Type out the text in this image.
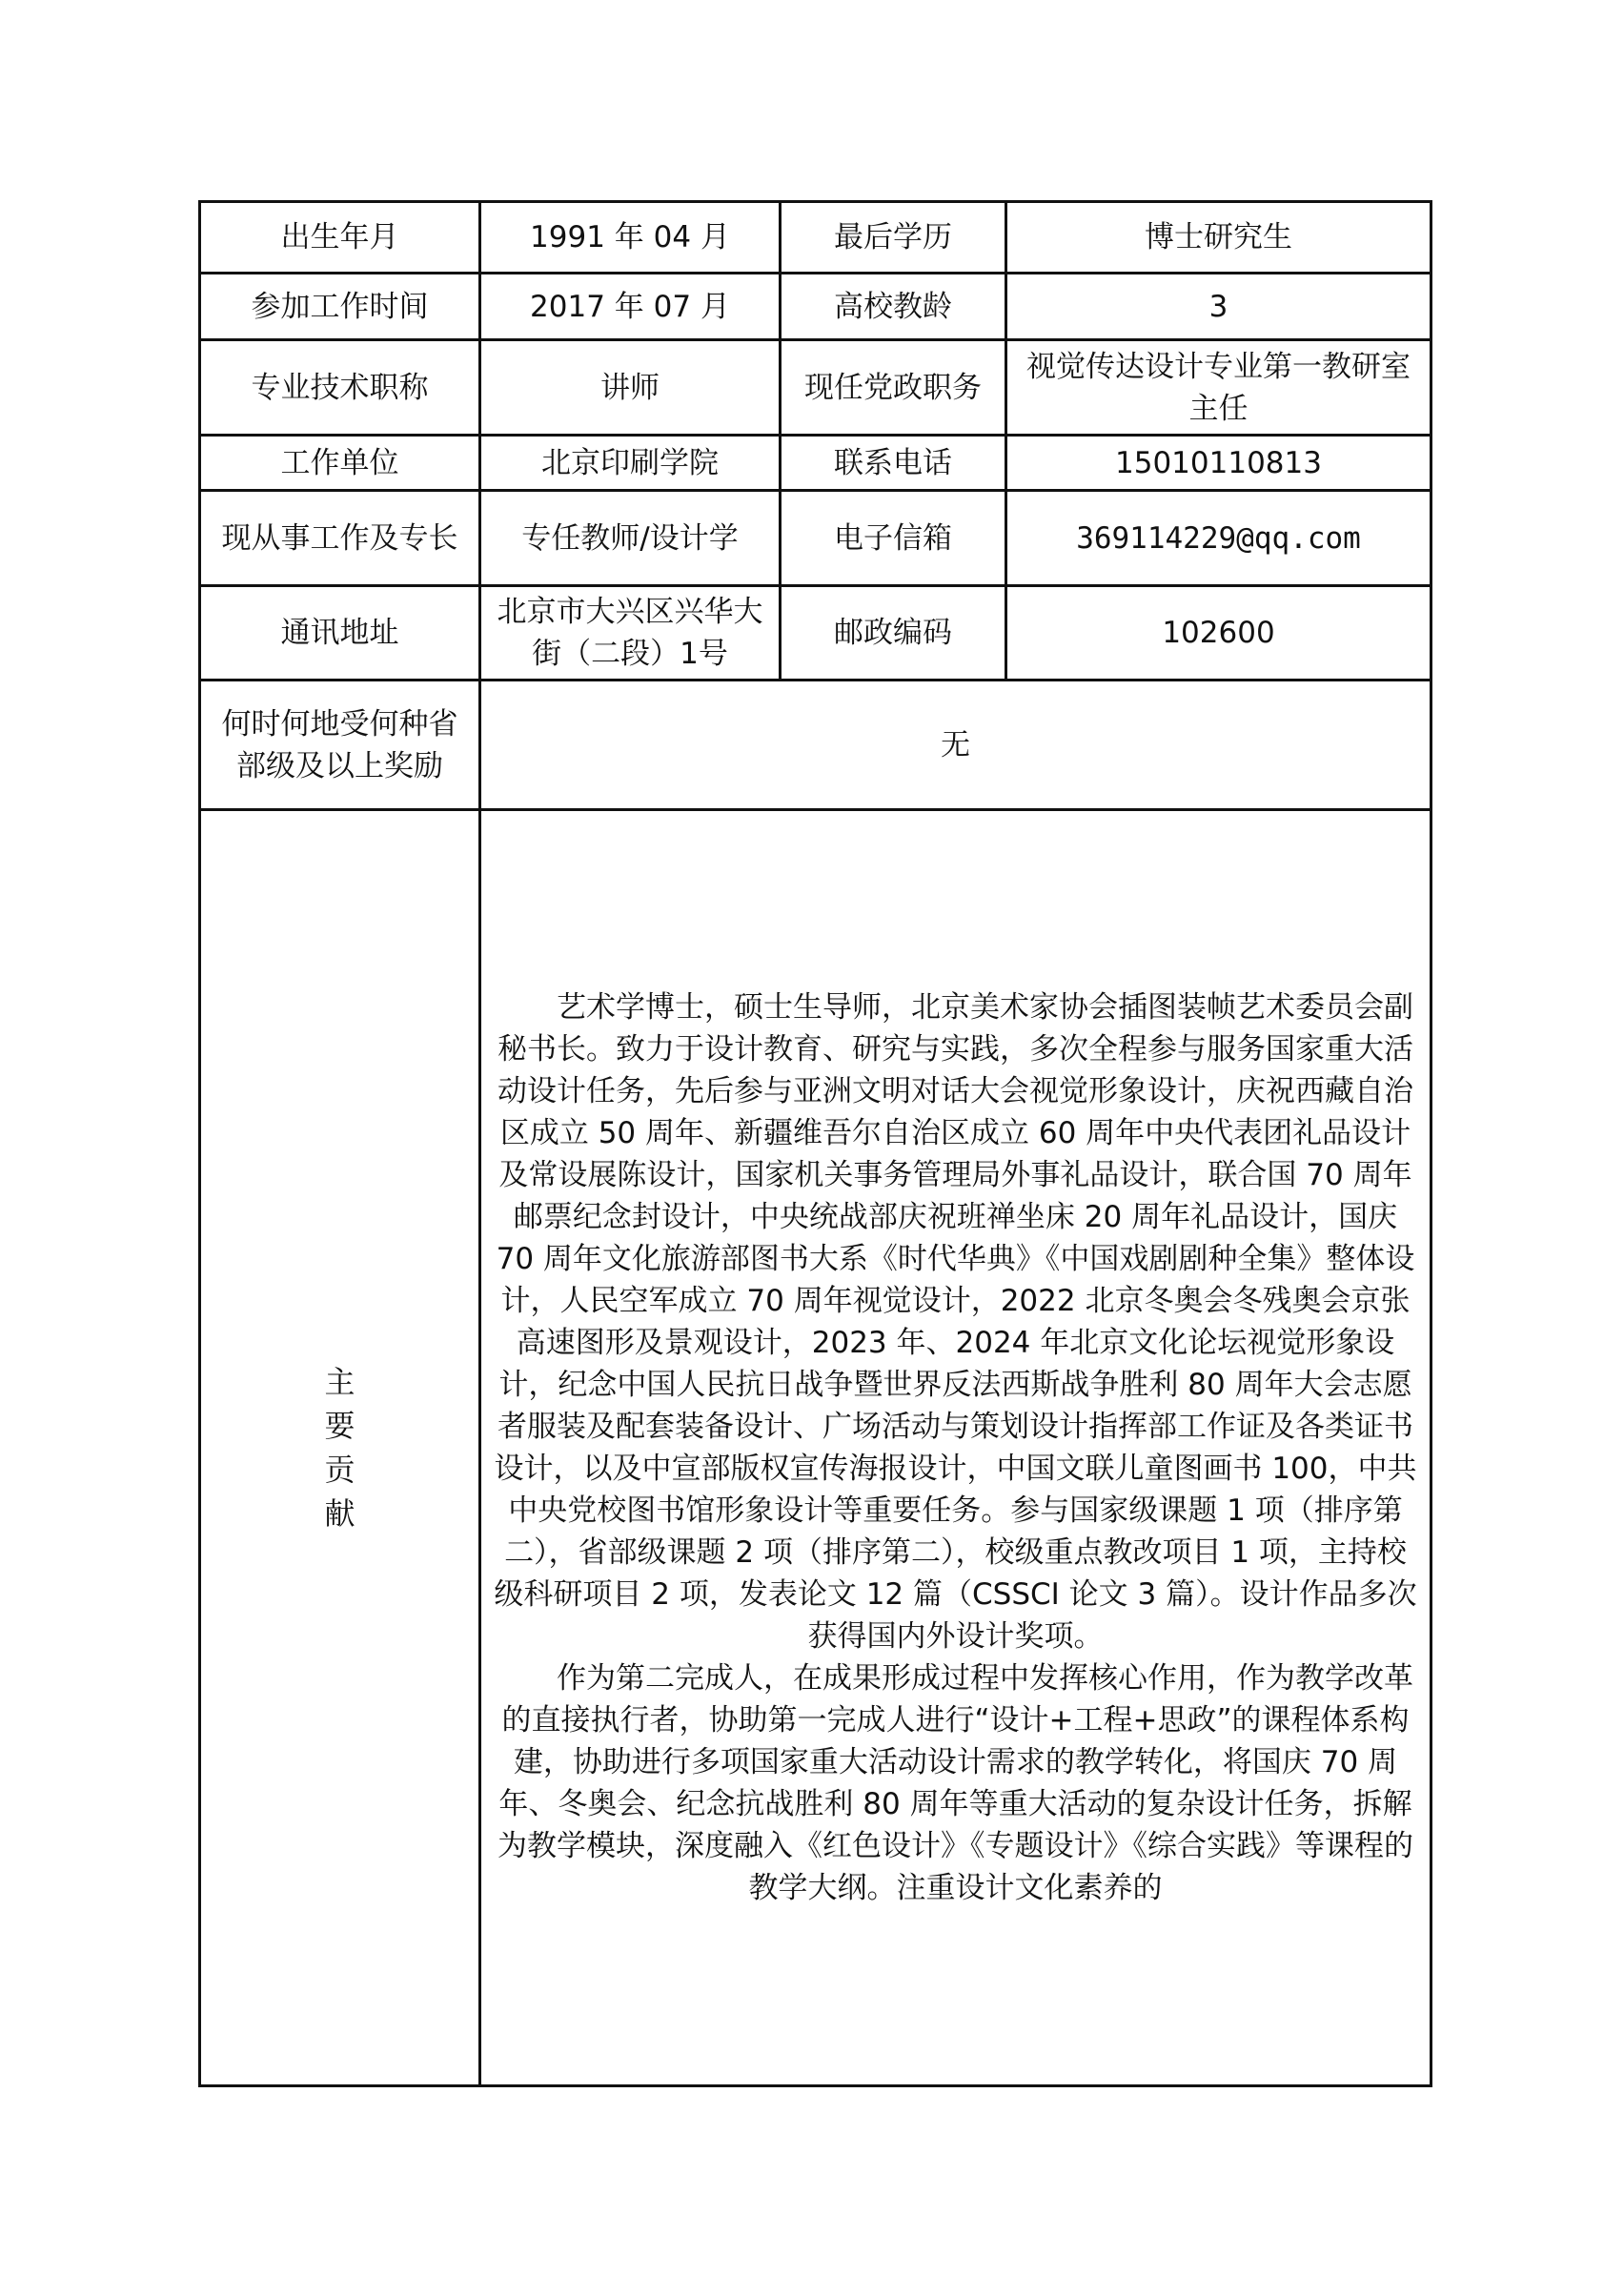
出生年月	1991 年 04 月	最后学历	博士研究生
参加工作时间	2017 年 07 月	高校教龄	3
专业技术职称	讲师	现任党政职务	视觉传达设计专业第一教研室主任
工作单位	北京印刷学院	联系电话	15010110813
现从事工作及专长	专任教师/设计学	电子信箱	369114229@qq.com
通讯地址	北京市大兴区兴华大街（二段）1号	邮政编码	102600
何时何地受何种省部级及以上奖励	无		
主要贡献	艺术学博士，硕士生导师，北京美术家协会插图装帧艺术委员会副秘书长。致力于设计教育、研究与实践，多次全程参与服务国家重大活动设计任务，先后参与亚洲文明对话大会视觉形象设计，庆祝西藏自治区成立 50 周年、新疆维吾尔自治区成立 60 周年中央代表团礼品设计及常设展陈设计，国家机关事务管理局外事礼品设计，联合国 70 周年邮票纪念封设计，中央统战部庆祝班禅坐床 20 周年礼品设计，国庆 70 周年文化旅游部图书大系《时代华典》《中国戏剧剧种全集》整体设计，人民空军成立 70 周年视觉设计，2022 北京冬奥会冬残奥会京张高速图形及景观设计，2023 年、2024 年北京文化论坛视觉形象设计，纪念中国人民抗日战争暨世界反法西斯战争胜利 80 周年大会志愿者服装及配套装备设计、广场活动与策划设计指挥部工作证及各类证书设计，以及中宣部版权宣传海报设计，中国文联儿童图画书 100，中共中央党校图书馆形象设计等重要任务。参与国家级课题 1 项（排序第二），省部级课题 2 项（排序第二），校级重点教改项目 1 项，主持校级科研项目 2 项，发表论文 12 篇（CSSCI 论文 3 篇）。设计作品多次获得国内外设计奖项。

作为第二完成人，在成果形成过程中发挥核心作用，作为教学改革的直接执行者，协助第一完成人进行“设计+工程+思政”的课程体系构建，协助进行多项国家重大活动设计需求的教学转化，将国庆 70 周年、冬奥会、纪念抗战胜利 80 周年等重大活动的复杂设计任务，拆解为教学模块，深度融入《红色设计》《专题设计》《综合实践》等课程的教学大纲。注重设计文化素养的		
